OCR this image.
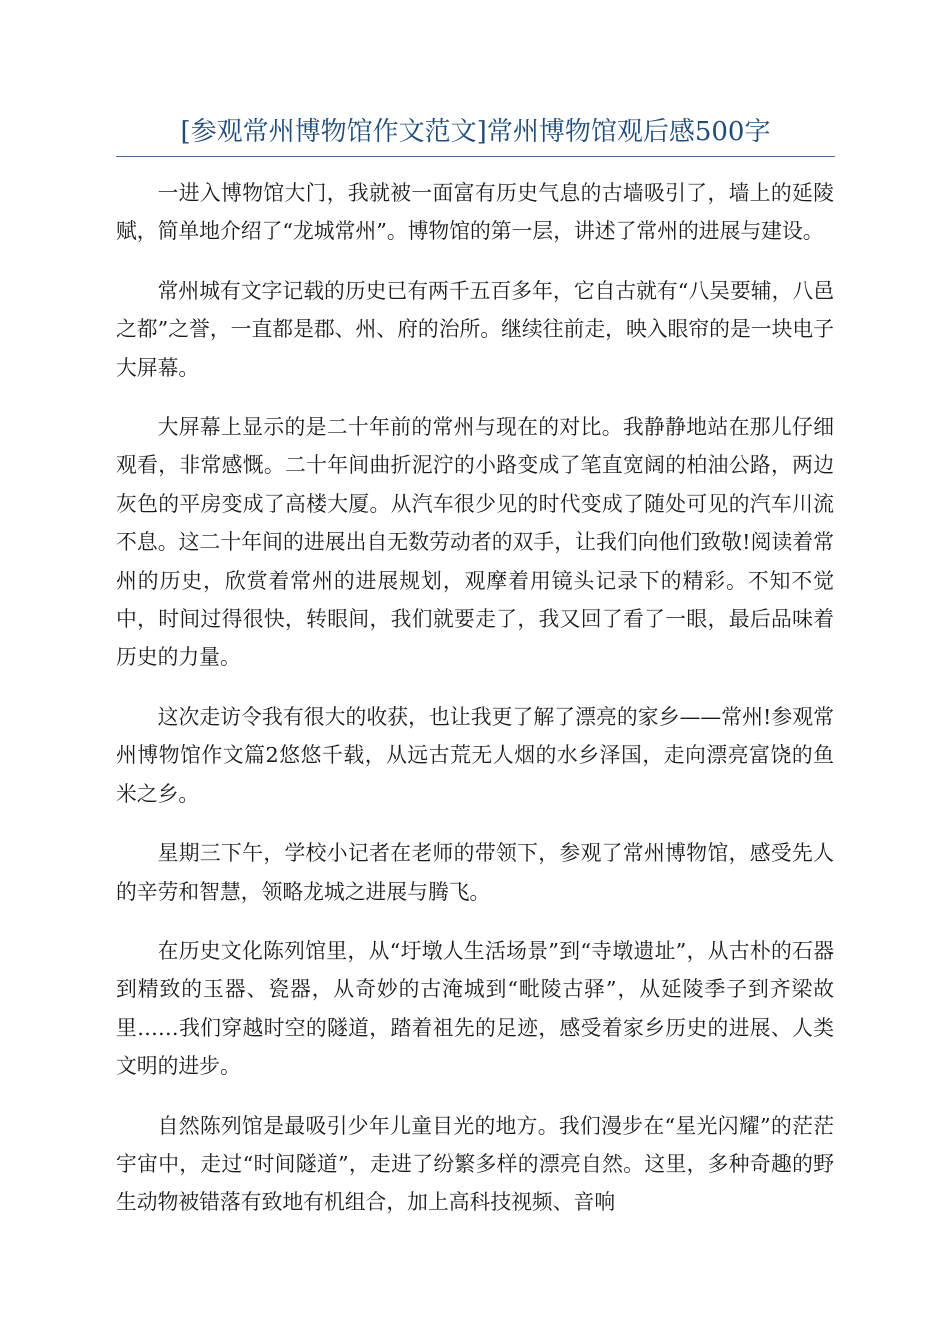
[参观常州博物馆作文范文]常州博物馆观后感500字

一进入博物馆大门，我就被一面富有历史气息的古墙吸引了，墙上的延陵赋，简单地介绍了“龙城常州”。博物馆的第一层，讲述了常州的进展与建设。

常州城有文字记载的历史已有两千五百多年，它自古就有“八吴要辅，八邑之都”之誉，一直都是郡、州、府的治所。继续往前走，映入眼帘的是一块电子大屏幕。

大屏幕上显示的是二十年前的常州与现在的对比。我静静地站在那儿仔细观看，非常感慨。二十年间曲折泥泞的小路变成了笔直宽阔的柏油公路，两边灰色的平房变成了高楼大厦。从汽车很少见的时代变成了随处可见的汽车川流不息。这二十年间的进展出自无数劳动者的双手，让我们向他们致敬!阅读着常州的历史，欣赏着常州的进展规划，观摩着用镜头记录下的精彩。不知不觉中，时间过得很快，转眼间，我们就要走了，我又回了看了一眼，最后品味着历史的力量。

这次走访令我有很大的收获，也让我更了解了漂亮的家乡——常州!参观常州博物馆作文篇2悠悠千载，从远古荒无人烟的水乡泽国，走向漂亮富饶的鱼米之乡。

星期三下午，学校小记者在老师的带领下，参观了常州博物馆，感受先人的辛劳和智慧，领略龙城之进展与腾飞。

在历史文化陈列馆里，从“圩墩人生活场景”到“寺墩遗址”，从古朴的石器到精致的玉器、瓷器，从奇妙的古淹城到“毗陵古驿”，从延陵季子到齐梁故里……我们穿越时空的隧道，踏着祖先的足迹，感受着家乡历史的进展、人类文明的进步。

自然陈列馆是最吸引少年儿童目光的地方。我们漫步在“星光闪耀”的茫茫宇宙中，走过“时间隧道”，走进了纷繁多样的漂亮自然。这里，多种奇趣的野生动物被错落有致地有机组合，加上高科技视频、音响
